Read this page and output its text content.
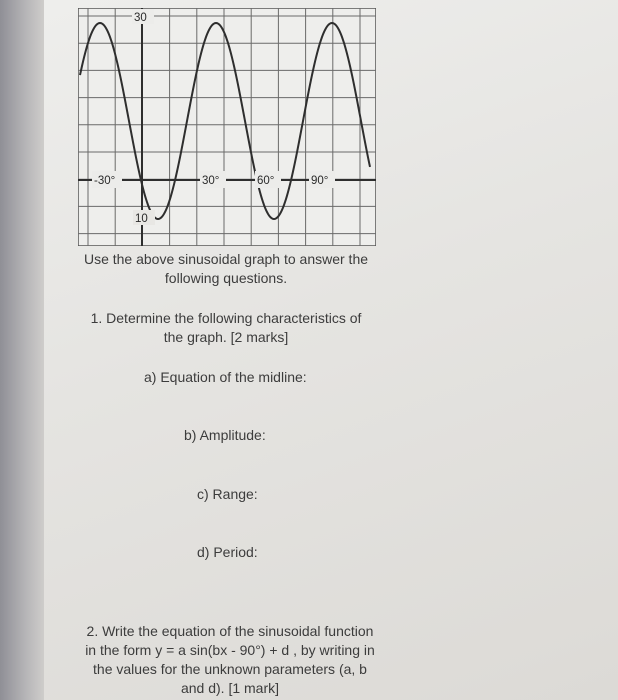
30
10
-30°	30°	60°	90°
Use the above sinusoidal graph to answer the
following questions.
1. Determine the following characteristics of
the graph. [2 marks]
a) Equation of the midline:
b) Amplitude:
c) Range:
d) Period:
2. Write the equation of the sinusoidal function
in the form y = a sin(bx - 90°) + d , by writing in
the values for the unknown parameters (a, b
and d). [1 mark]
